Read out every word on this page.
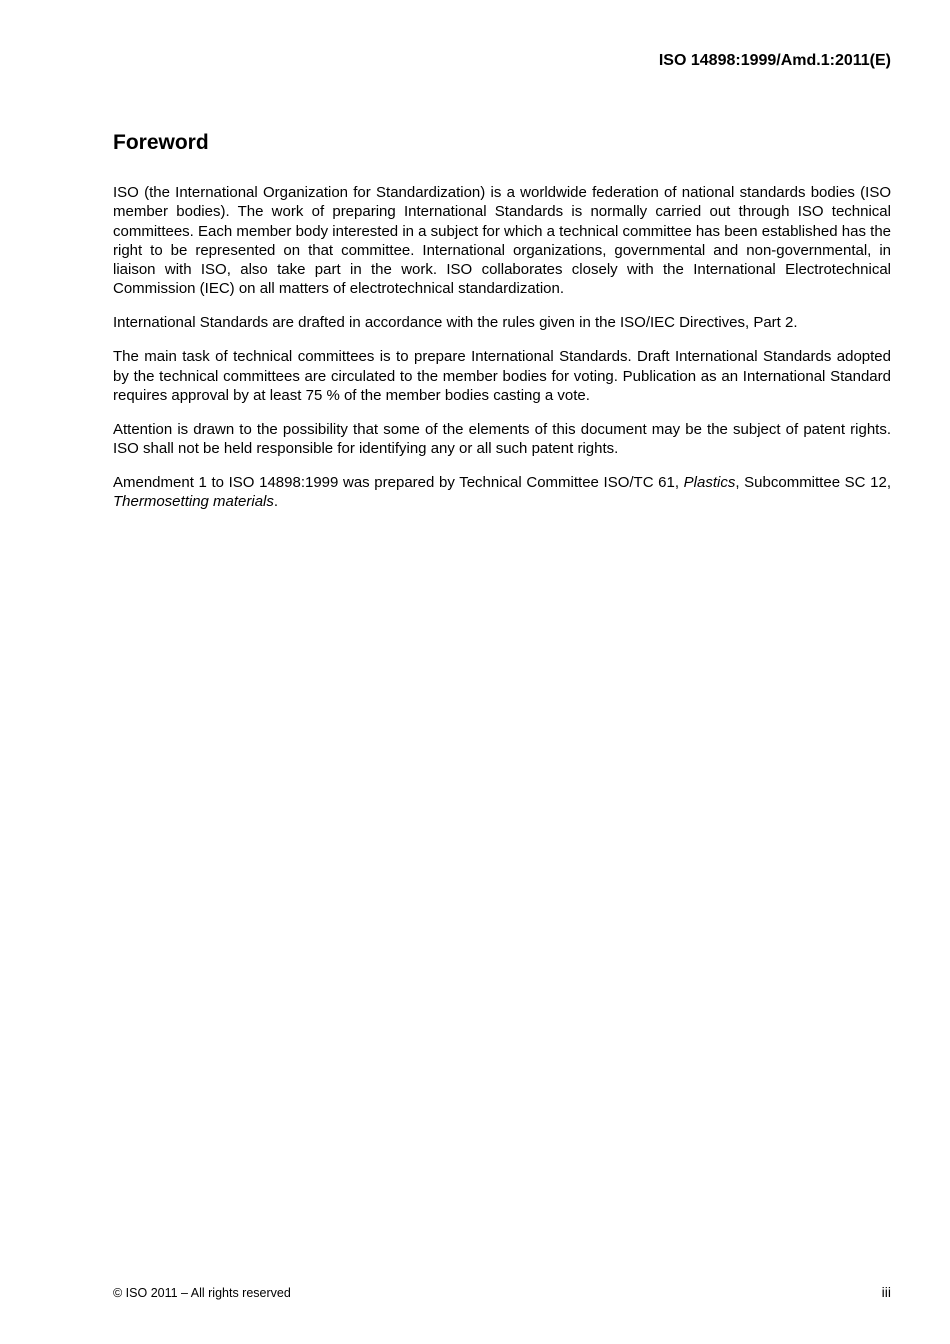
ISO 14898:1999/Amd.1:2011(E)
Foreword

ISO (the International Organization for Standardization) is a worldwide federation of national standards bodies (ISO member bodies). The work of preparing International Standards is normally carried out through ISO technical committees. Each member body interested in a subject for which a technical committee has been established has the right to be represented on that committee. International organizations, governmental and non-governmental, in liaison with ISO, also take part in the work. ISO collaborates closely with the International Electrotechnical Commission (IEC) on all matters of electrotechnical standardization.

International Standards are drafted in accordance with the rules given in the ISO/IEC Directives, Part 2.

The main task of technical committees is to prepare International Standards. Draft International Standards adopted by the technical committees are circulated to the member bodies for voting. Publication as an International Standard requires approval by at least 75 % of the member bodies casting a vote.

Attention is drawn to the possibility that some of the elements of this document may be the subject of patent rights. ISO shall not be held responsible for identifying any or all such patent rights.

Amendment 1 to ISO 14898:1999 was prepared by Technical Committee ISO/TC 61, Plastics, Subcommittee SC 12, Thermosetting materials.

© ISO 2011 – All rights reserved	iii
